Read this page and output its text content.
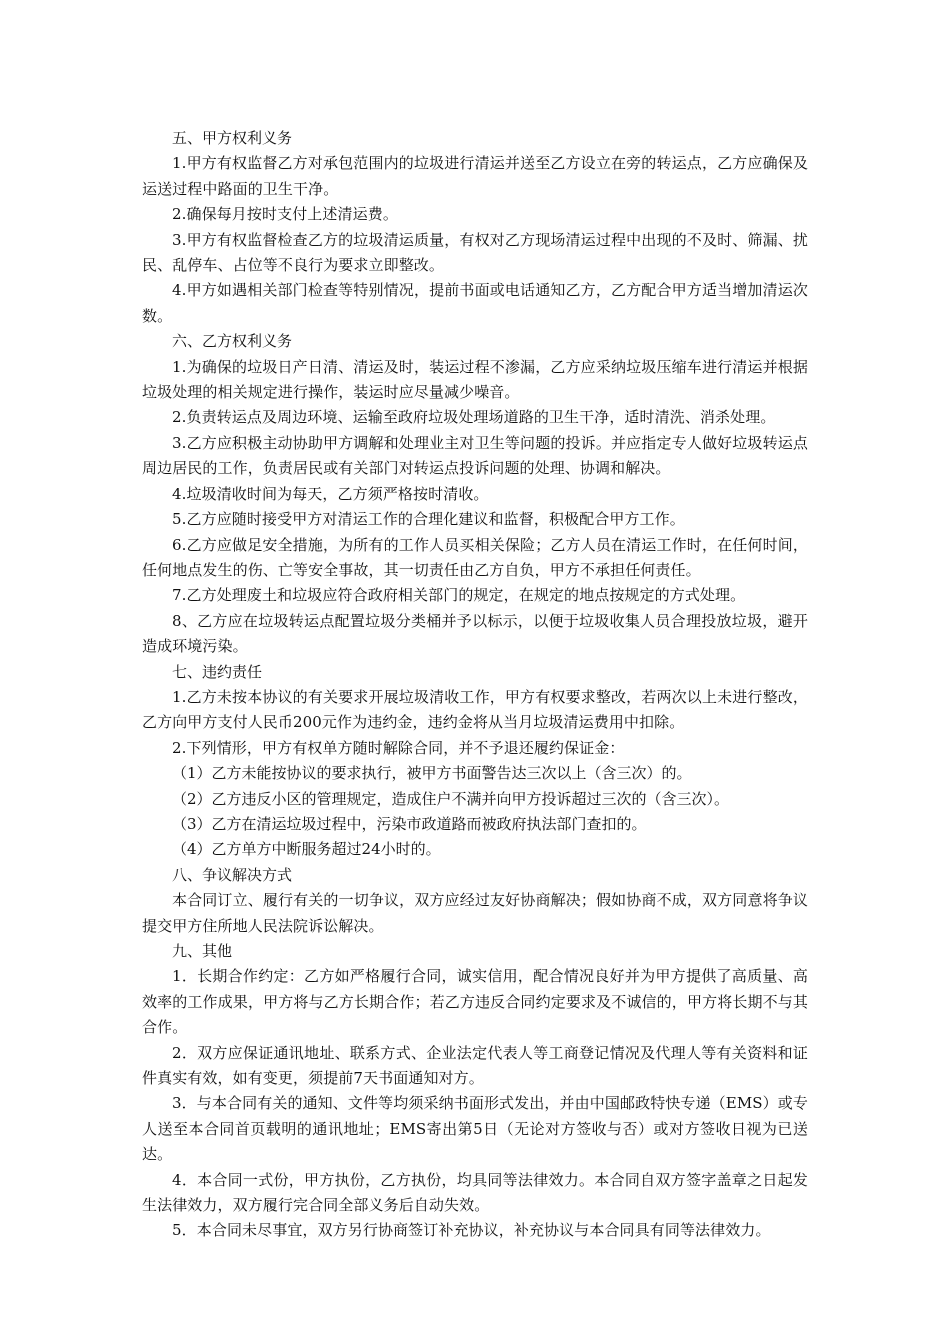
五、甲方权利义务

1.甲方有权监督乙方对承包范围内的垃圾进行清运并送至乙方设立在旁的转运点，乙方应确保及运送过程中路面的卫生干净。

2.确保每月按时支付上述清运费。

3.甲方有权监督检查乙方的垃圾清运质量，有权对乙方现场清运过程中出现的不及时、筛漏、扰民、乱停车、占位等不良行为要求立即整改。

4.甲方如遇相关部门检查等特别情况，提前书面或电话通知乙方，乙方配合甲方适当增加清运次数。

六、乙方权利义务

1.为确保的垃圾日产日清、清运及时，装运过程不渗漏，乙方应采纳垃圾压缩车进行清运并根据垃圾处理的相关规定进行操作，装运时应尽量减少噪音。

2.负责转运点及周边环境、运输至政府垃圾处理场道路的卫生干净，适时清洗、消杀处理。

3.乙方应积极主动协助甲方调解和处理业主对卫生等问题的投诉。并应指定专人做好垃圾转运点周边居民的工作，负责居民或有关部门对转运点投诉问题的处理、协调和解决。

4.垃圾清收时间为每天，乙方须严格按时清收。

5.乙方应随时接受甲方对清运工作的合理化建议和监督，积极配合甲方工作。

6.乙方应做足安全措施，为所有的工作人员买相关保险；乙方人员在清运工作时，在任何时间，任何地点发生的伤、亡等安全事故，其一切责任由乙方自负，甲方不承担任何责任。

7.乙方处理废土和垃圾应符合政府相关部门的规定，在规定的地点按规定的方式处理。

8、乙方应在垃圾转运点配置垃圾分类桶并予以标示，以便于垃圾收集人员合理投放垃圾，避开造成环境污染。

七、违约责任

1.乙方未按本协议的有关要求开展垃圾清收工作，甲方有权要求整改，若两次以上未进行整改，乙方向甲方支付人民币200元作为违约金，违约金将从当月垃圾清运费用中扣除。

2.下列情形，甲方有权单方随时解除合同，并不予退还履约保证金：

（1）乙方未能按协议的要求执行，被甲方书面警告达三次以上（含三次）的。

（2）乙方违反小区的管理规定，造成住户不满并向甲方投诉超过三次的（含三次）。

（3）乙方在清运垃圾过程中，污染市政道路而被政府执法部门查扣的。

（4）乙方单方中断服务超过24小时的。

八、争议解决方式

本合同订立、履行有关的一切争议，双方应经过友好协商解决；假如协商不成，双方同意将争议提交甲方住所地人民法院诉讼解决。

九、其他

1．长期合作约定：乙方如严格履行合同，诚实信用，配合情况良好并为甲方提供了高质量、高效率的工作成果，甲方将与乙方长期合作；若乙方违反合同约定要求及不诚信的，甲方将长期不与其合作。

2．双方应保证通讯地址、联系方式、企业法定代表人等工商登记情况及代理人等有关资料和证件真实有效，如有变更，须提前7天书面通知对方。

3．与本合同有关的通知、文件等均须采纳书面形式发出，并由中国邮政特快专递（EMS）或专人送至本合同首页载明的通讯地址；EMS寄出第5日（无论对方签收与否）或对方签收日视为已送达。

4．本合同一式份，甲方执份，乙方执份，均具同等法律效力。本合同自双方签字盖章之日起发生法律效力，双方履行完合同全部义务后自动失效。

5．本合同未尽事宜，双方另行协商签订补充协议，补充协议与本合同具有同等法律效力。
